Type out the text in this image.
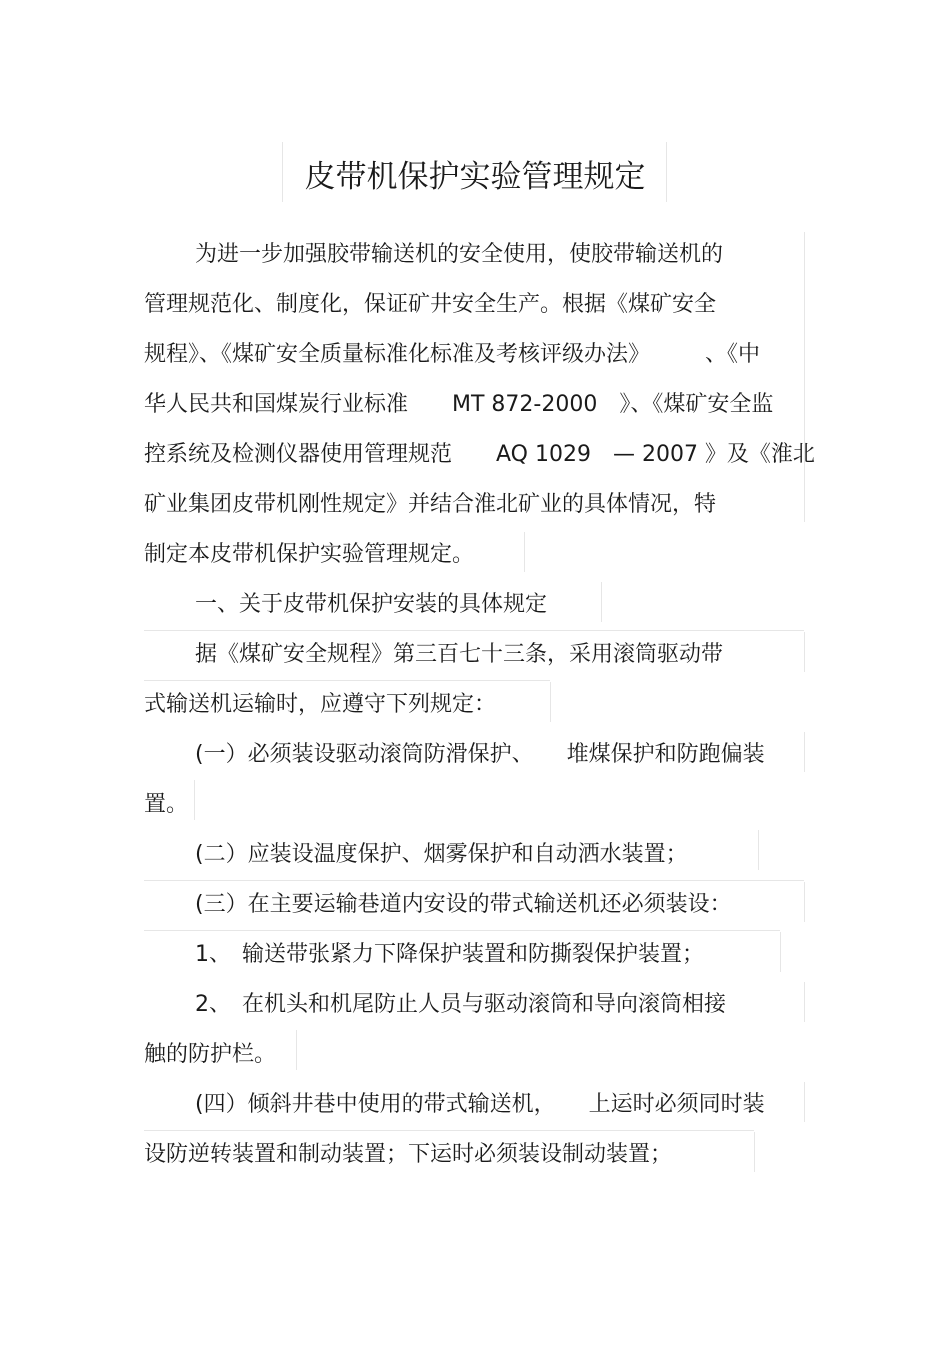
皮带机保护实验管理规定

为进一步加强胶带输送机的安全使用，使胶带输送机的

管理规范化、制度化，保证矿井安全生产。根据《煤矿安全

规程》、《煤矿安全质量标准化标准及考核评级办法》　　　、《中

华人民共和国煤炭行业标准　　MT 872-2000　》、《煤矿安全监

控系统及检测仪器使用管理规范　　AQ 1029　— 2007 》及《淮北

矿业集团皮带机刚性规定》并结合淮北矿业的具体情况，特

制定本皮带机保护实验管理规定。

一、关于皮带机保护安装的具体规定

据《煤矿安全规程》第三百七十三条，采用滚筒驱动带

式输送机运输时，应遵守下列规定：

(一）必须装设驱动滚筒防滑保护、　　堆煤保护和防跑偏装

置。

(二）应装设温度保护、烟雾保护和自动洒水装置；

(三）在主要运输巷道内安设的带式输送机还必须装设：

1、　输送带张紧力下降保护装置和防撕裂保护装置；

2、　在机头和机尾防止人员与驱动滚筒和导向滚筒相接

触的防护栏。

(四）倾斜井巷中使用的带式输送机，　　上运时必须同时装

设防逆转装置和制动装置；下运时必须装设制动装置；
